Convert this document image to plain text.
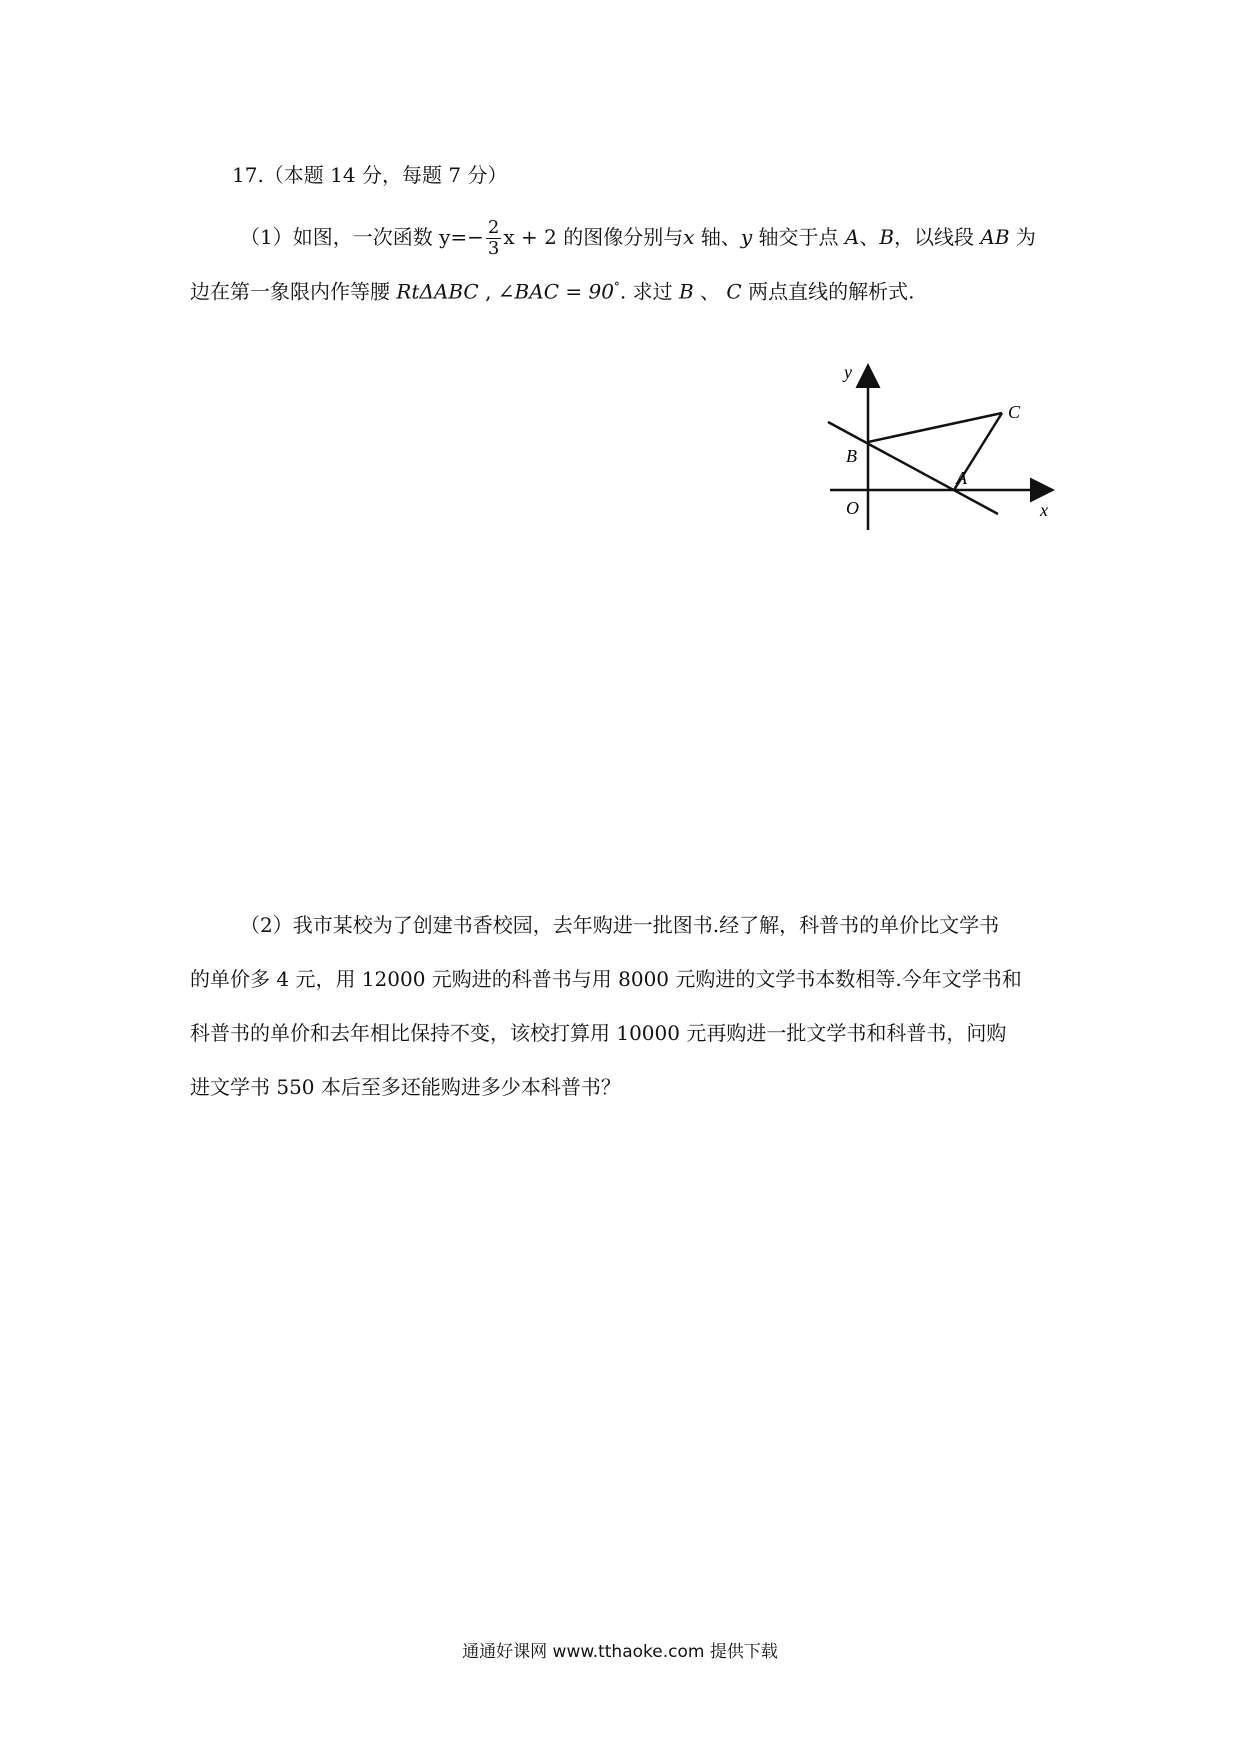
17.（本题 14 分，每题 7 分）
（1）如图，一次函数 $y=- \frac{2}{3}$ x + 2 的图像分别与x 轴、y 轴交于点 A、B，以线段 AB 为
边在第一象限内作等腰 RtΔABC , ∠BAC = 90°. 求过 B 、 C 两点直线的解析式.
y
C
B
A
O	x
（2）我市某校为了创建书香校园，去年购进一批图书.经了解，科普书的单价比文学书
的单价多 4 元，用 12000 元购进的科普书与用 8000 元购进的文学书本数相等.今年文学书和
科普书的单价和去年相比保持不变，该校打算用 10000 元再购进一批文学书和科普书，问购
进文学书 550 本后至多还能购进多少本科普书？
通通好课网 www.tthaoke.com 提供下载
